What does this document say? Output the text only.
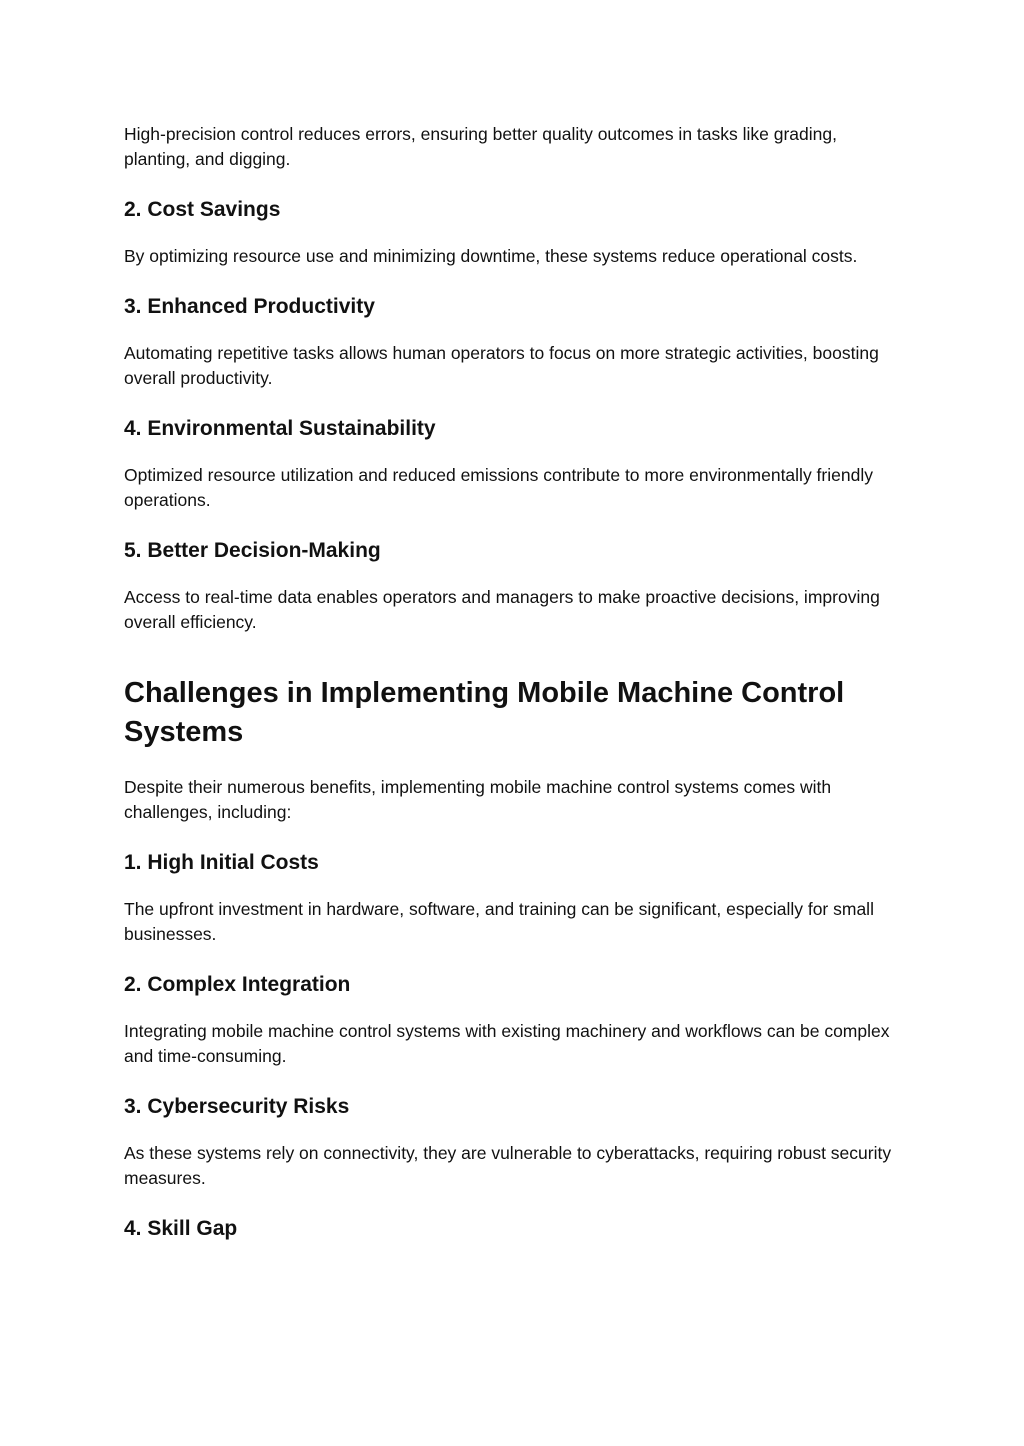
High-precision control reduces errors, ensuring better quality outcomes in tasks like grading, planting, and digging.

2. Cost Savings

By optimizing resource use and minimizing downtime, these systems reduce operational costs.

3. Enhanced Productivity

Automating repetitive tasks allows human operators to focus on more strategic activities, boosting overall productivity.

4. Environmental Sustainability

Optimized resource utilization and reduced emissions contribute to more environmentally friendly operations.

5. Better Decision-Making

Access to real-time data enables operators and managers to make proactive decisions, improving overall efficiency.

Challenges in Implementing Mobile Machine Control Systems

Despite their numerous benefits, implementing mobile machine control systems comes with challenges, including:

1. High Initial Costs

The upfront investment in hardware, software, and training can be significant, especially for small businesses.

2. Complex Integration

Integrating mobile machine control systems with existing machinery and workflows can be complex and time-consuming.

3. Cybersecurity Risks

As these systems rely on connectivity, they are vulnerable to cyberattacks, requiring robust security measures.

4. Skill Gap
